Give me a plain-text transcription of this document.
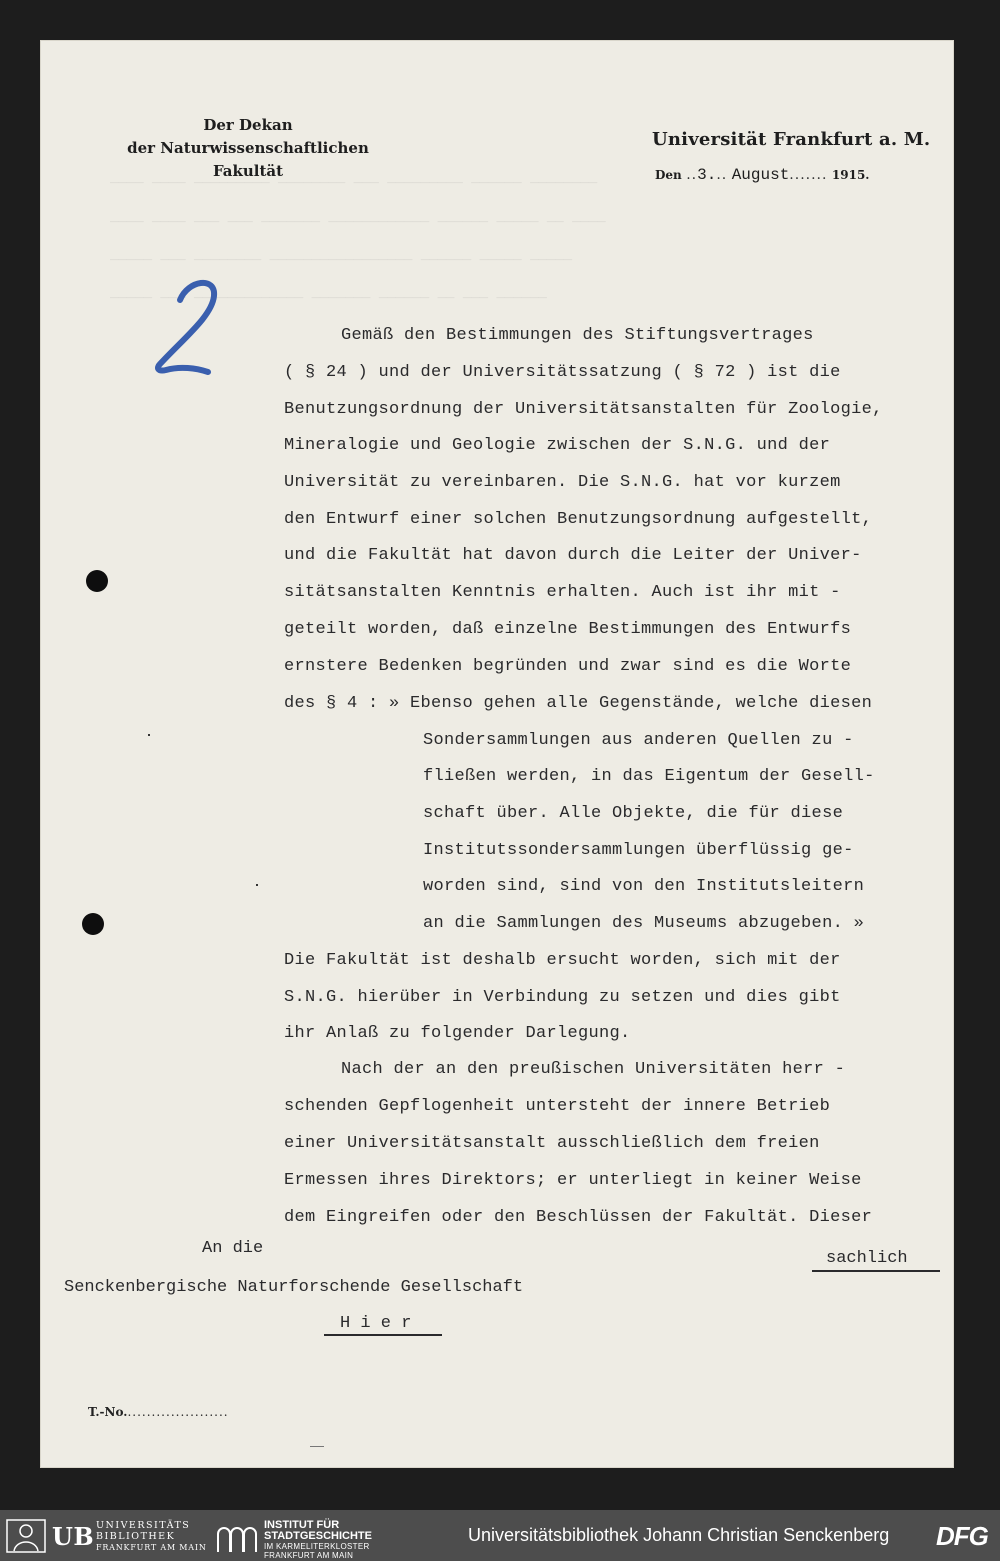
──── ──── ───────── ──────── ─── ───────── ────── ────────
──── ──── ─── ─── ─────── ──────────── ────── ───── ── ────
───── ─── ──────── ───────────────── ────── ───── ─────
───── ─── ───────────── ─────── ────── ── ─── ──────
Der Dekan
der Naturwissenschaftlichen Fakultät
Universität Frankfurt a. M.
Den ..3... August....... 1915.

Gemäß den Bestimmungen des Stiftungsvertrages

( § 24 ) und der Universitätssatzung ( § 72 ) ist die

Benutzungsordnung der Universitätsanstalten für Zoologie,

Mineralogie und Geologie zwischen der S.N.G. und der

Universität zu vereinbaren. Die S.N.G. hat vor kurzem

den Entwurf einer solchen Benutzungsordnung aufgestellt,

und die Fakultät hat davon durch die Leiter der Univer-

sitätsanstalten Kenntnis erhalten. Auch ist ihr mit -

geteilt worden, daß einzelne Bestimmungen des Entwurfs

ernstere Bedenken begründen und zwar sind es die Worte

des § 4 : » Ebenso gehen alle Gegenstände, welche diesen

Sondersammlungen aus anderen Quellen zu -

fließen werden, in das Eigentum der Gesell-

schaft über. Alle Objekte, die für diese

Institutssondersammlungen überflüssig ge-

worden sind, sind von den Institutsleitern

an die Sammlungen des Museums abzugeben. »

Die Fakultät ist deshalb ersucht worden, sich mit der

S.N.G. hierüber in Verbindung zu setzen und dies gibt

ihr Anlaß zu folgender Darlegung.

Nach der an den preußischen Universitäten herr -

schenden Gepflogenheit untersteht der innere Betrieb

einer Universitätsanstalt ausschließlich dem freien

Ermessen ihres Direktors; er unterliegt in keiner Weise

dem Eingreifen oder den Beschlüssen der Fakultät. Dieser

sachlich
An die
Senckenbergische Naturforschende Gesellschaft
H i e r
T.-No......................
UB UNIVERSITÄTS
BIBLIOTHEK
FRANKFURT AM MAIN
INSTITUT FÜR
STADTGESCHICHTE
IM KARMELITERKLOSTER
FRANKFURT AM MAIN
Universitätsbibliothek Johann Christian Senckenberg DFG
